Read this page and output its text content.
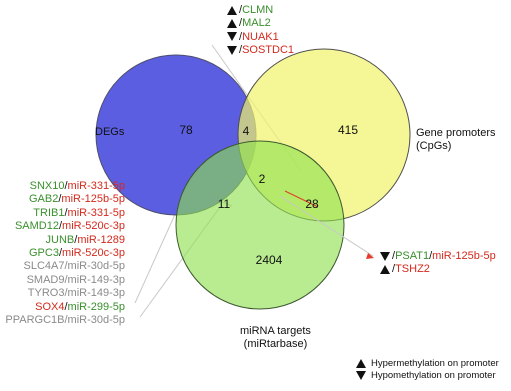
78	4	415
2
11	28
2404
DEGs	Gene promoters
(CpGs)
miRNA targets
(miRtarbase)
/CLMN
/MAL2
/NUAK1
/SOSTDC1
SNX10/miR-331-5p
GAB2/miR-125b-5p
TRIB1/miR-331-5p
SAMD12/miR-520c-3p
JUNB/miR-1289
GPC3/miR-520c-3p
SLC4A7/miR-30d-5p
SMAD9/miR-149-3p
TYRO3/miR-149-3p
SOX4/miR-299-5p
PPARGC1B/miR-30d-5p
/PSAT1/miR-125b-5p
/TSHZ2
Hypermethylation on promoter
Hypomethylation on promoter
